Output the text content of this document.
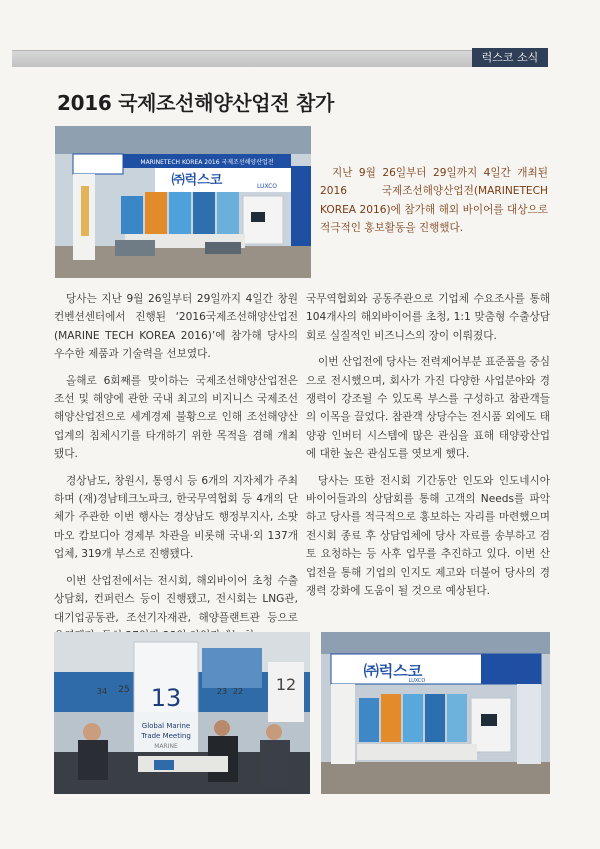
럭스코 소식
2016 국제조선해양산업전 참가
MARINETECH KOREA 2016 국제조선해양산업전
㈜럭스코	LUXCO

지난 9월 26일부터 29일까지 4일간 개최된 2016 국제조선해양산업전(MARINETECH KOREA 2016)에 참가해 해외 바이어를 대상으로 적극적인 홍보활동을 진행했다.

당사는 지난 9월 26일부터 29일까지 4일간 창원컨벤션센터에서 진행된 ‘2016국제조선해양산업전(MARINE TECH KOREA 2016)’에 참가해 당사의 우수한 제품과 기술력을 선보였다.

올해로 6회째를 맞이하는 국제조선해양산업전은 조선 및 해양에 관한 국내 최고의 비지니스 국제조선해양산업전으로 세계경제 불황으로 인해 조선해양산업계의 침체시기를 타개하기 위한 목적을 겸해 개최됐다.

경상남도, 창원시, 통영시 등 6개의 지자체가 주최하며 (재)경남테크노파크, 한국무역협회 등 4개의 단체가 주관한 이번 행사는 경상남도 행정부지사, 소팟마오 캄보디아 경제부 차관을 비롯해 국내·외 137개 업체, 319개 부스로 진행됐다.

이번 산업전에서는 전시회, 해외바이어 초청 수출상담회, 컨퍼런스 등이 진행됐고, 전시회는 LNG관, 대기업공동관, 조선기자재관, 해양플랜트관 등으로

국무역협회와 공동주관으로 기업체 수요조사를 통해 104개사의 해외바이어를 초청, 1:1 맞춤형 수출상담회로 실질적인 비즈니스의 장이 이뤄졌다.

이번 산업전에 당사는 전력제어부분 표준품을 중심으로 전시했으며, 회사가 가진 다양한 사업분야와 경쟁력이 강조될 수 있도록 부스를 구성하고 참관객들의 이목을 끌었다. 참관객 상당수는 전시품 외에도 태양광 인버터 시스템에 많은 관심을 표해 태양광산업에 대한 높은 관심도를 엿보게 했다.

당사는 또한 전시회 기간동안 인도와 인도네시아 바이어들과의 상담회를 통해 고객의 Needs를 파악하고 당사를 적극적으로 홍보하는 자리를 마련했으며 전시회 종료 후 상담업체에 당사 자료를 송부하고 검토 요청하는 등 사후 업무를 추진하고 있다. 이번 산업전을 통해 기업의 인지도 제고와 더불어 당사의 경쟁력 강화에 도움이 될 것으로 예상된다.

13	12
25
34	23 22
Global Marine
Trade Meeting
MARINE
㈜럭스코
LUXCO
